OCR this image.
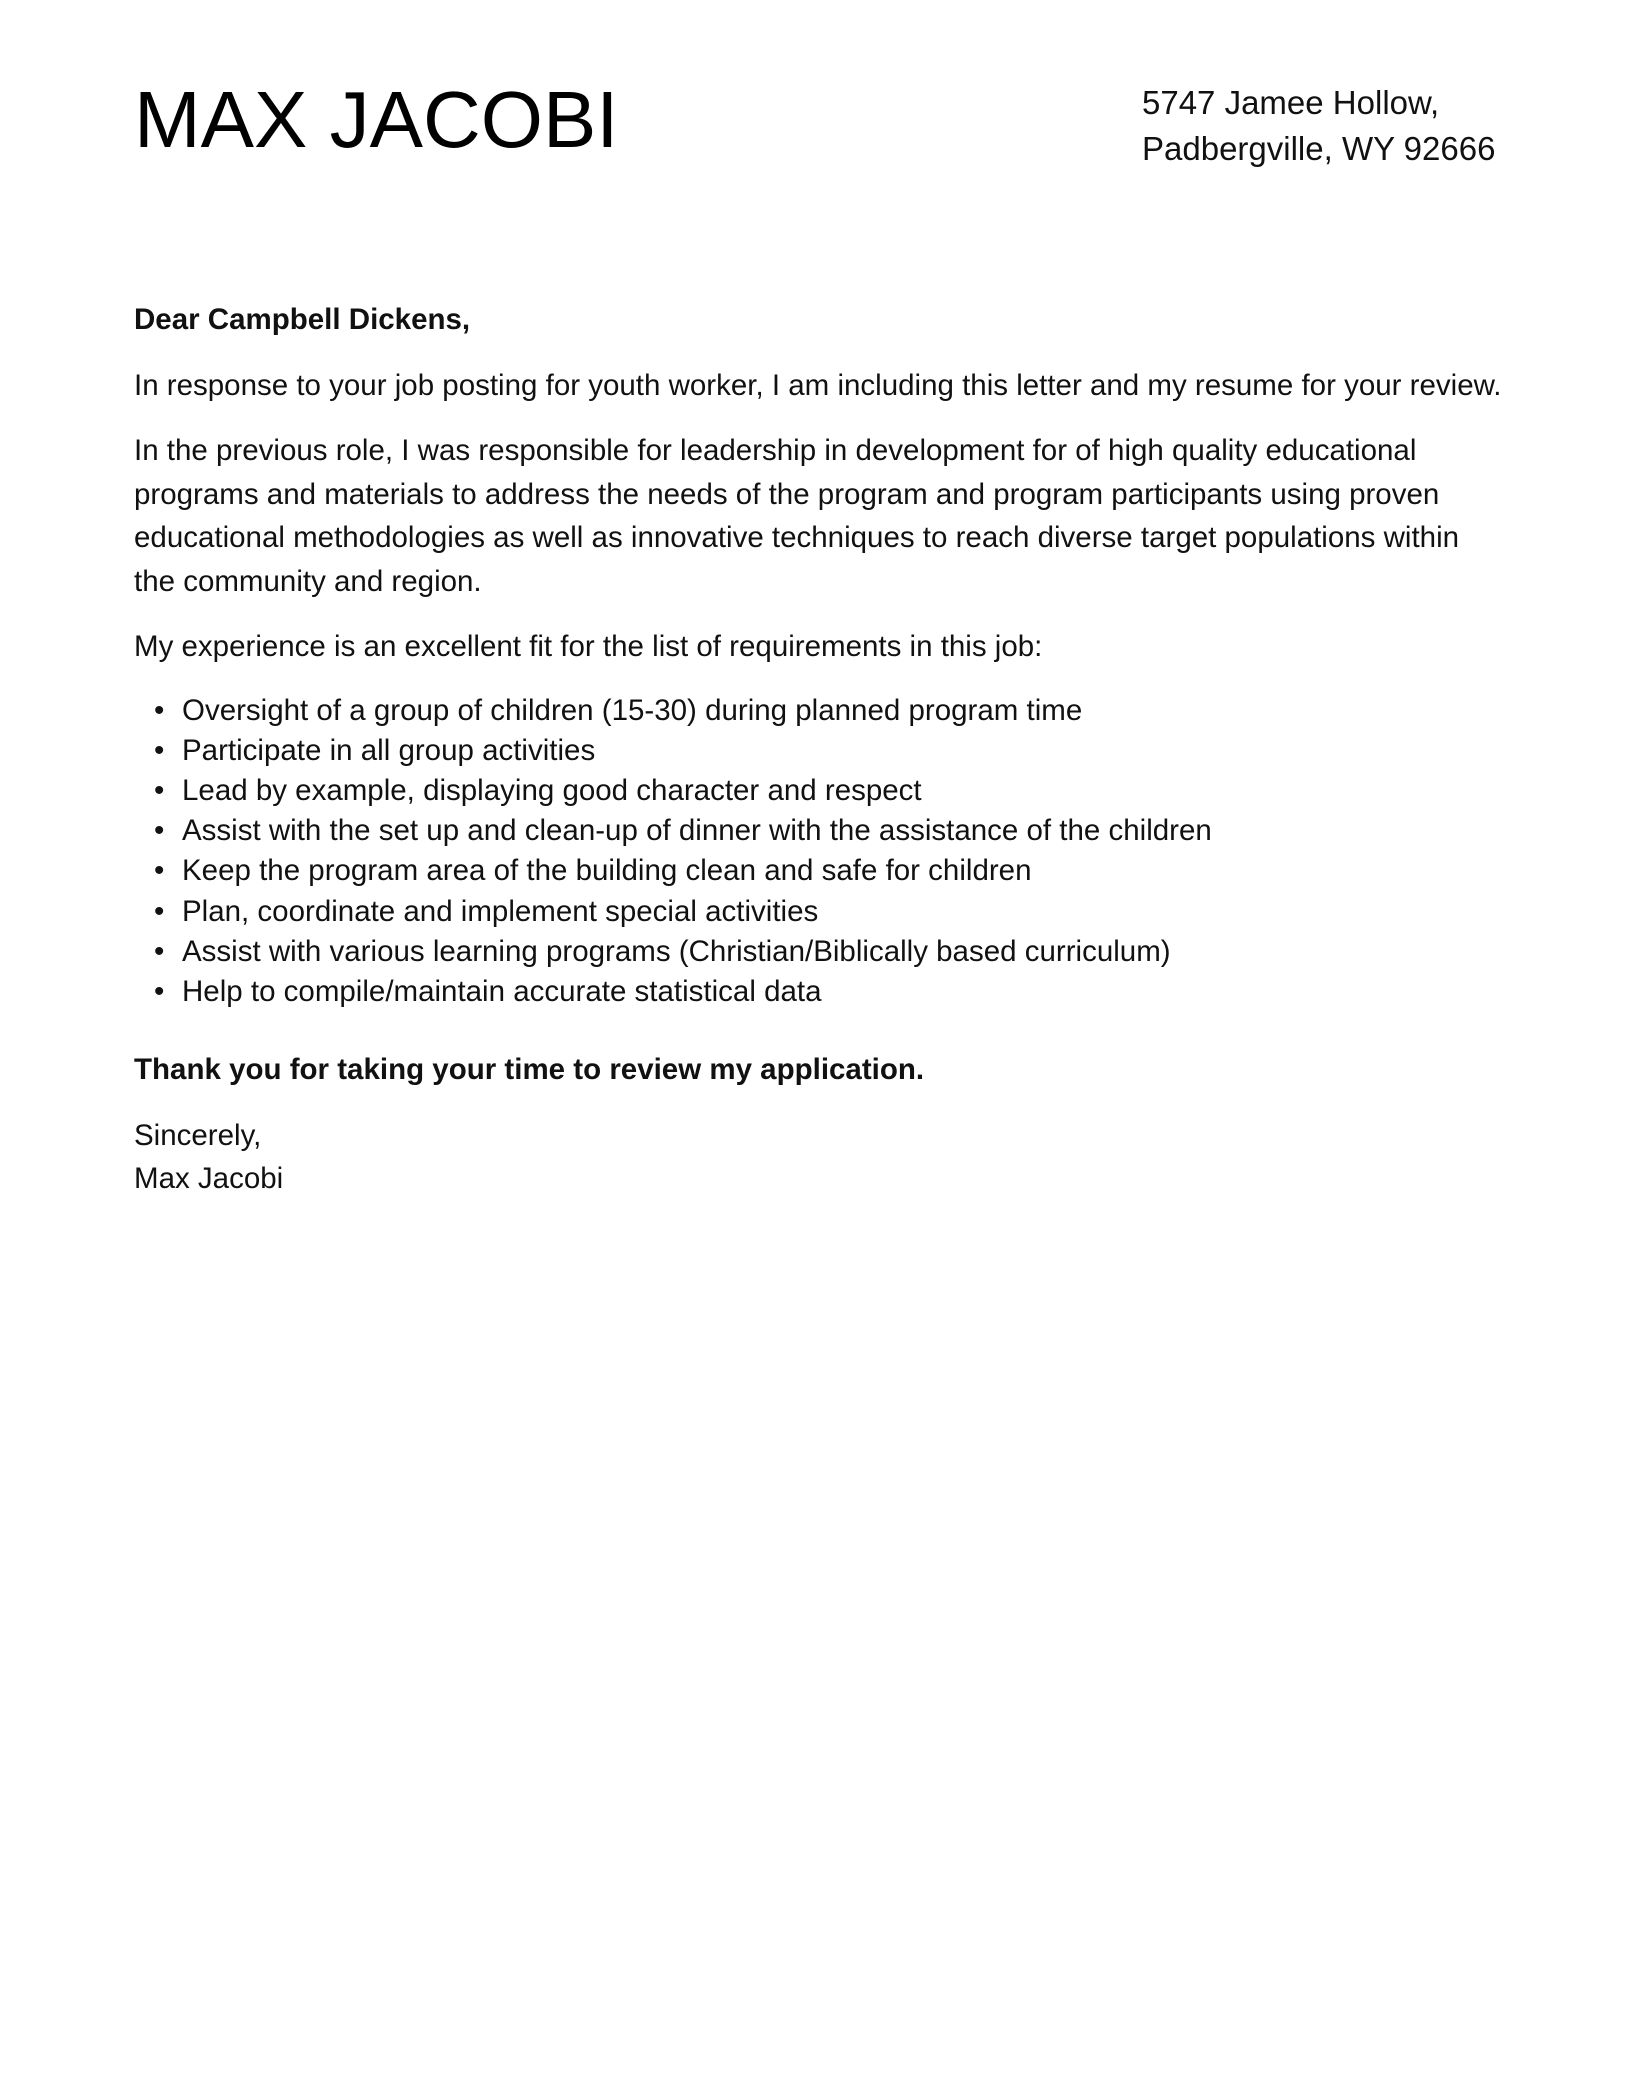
MAX JACOBI	5747 Jamee Hollow,
Padbergville, WY 92666

Dear Campbell Dickens,

In response to your job posting for youth worker, I am including this letter and my resume for your review.

In the previous role, I was responsible for leadership in development for of high quality educational programs and materials to address the needs of the program and program participants using proven educational methodologies as well as innovative techniques to reach diverse target populations within the community and region.

My experience is an excellent fit for the list of requirements in this job:

• Oversight of a group of children (15-30) during planned program time
• Participate in all group activities
• Lead by example, displaying good character and respect
• Assist with the set up and clean-up of dinner with the assistance of the children
• Keep the program area of the building clean and safe for children
• Plan, coordinate and implement special activities
• Assist with various learning programs (Christian/Biblically based curriculum)
• Help to compile/maintain accurate statistical data

Thank you for taking your time to review my application.

Sincerely,
Max Jacobi
